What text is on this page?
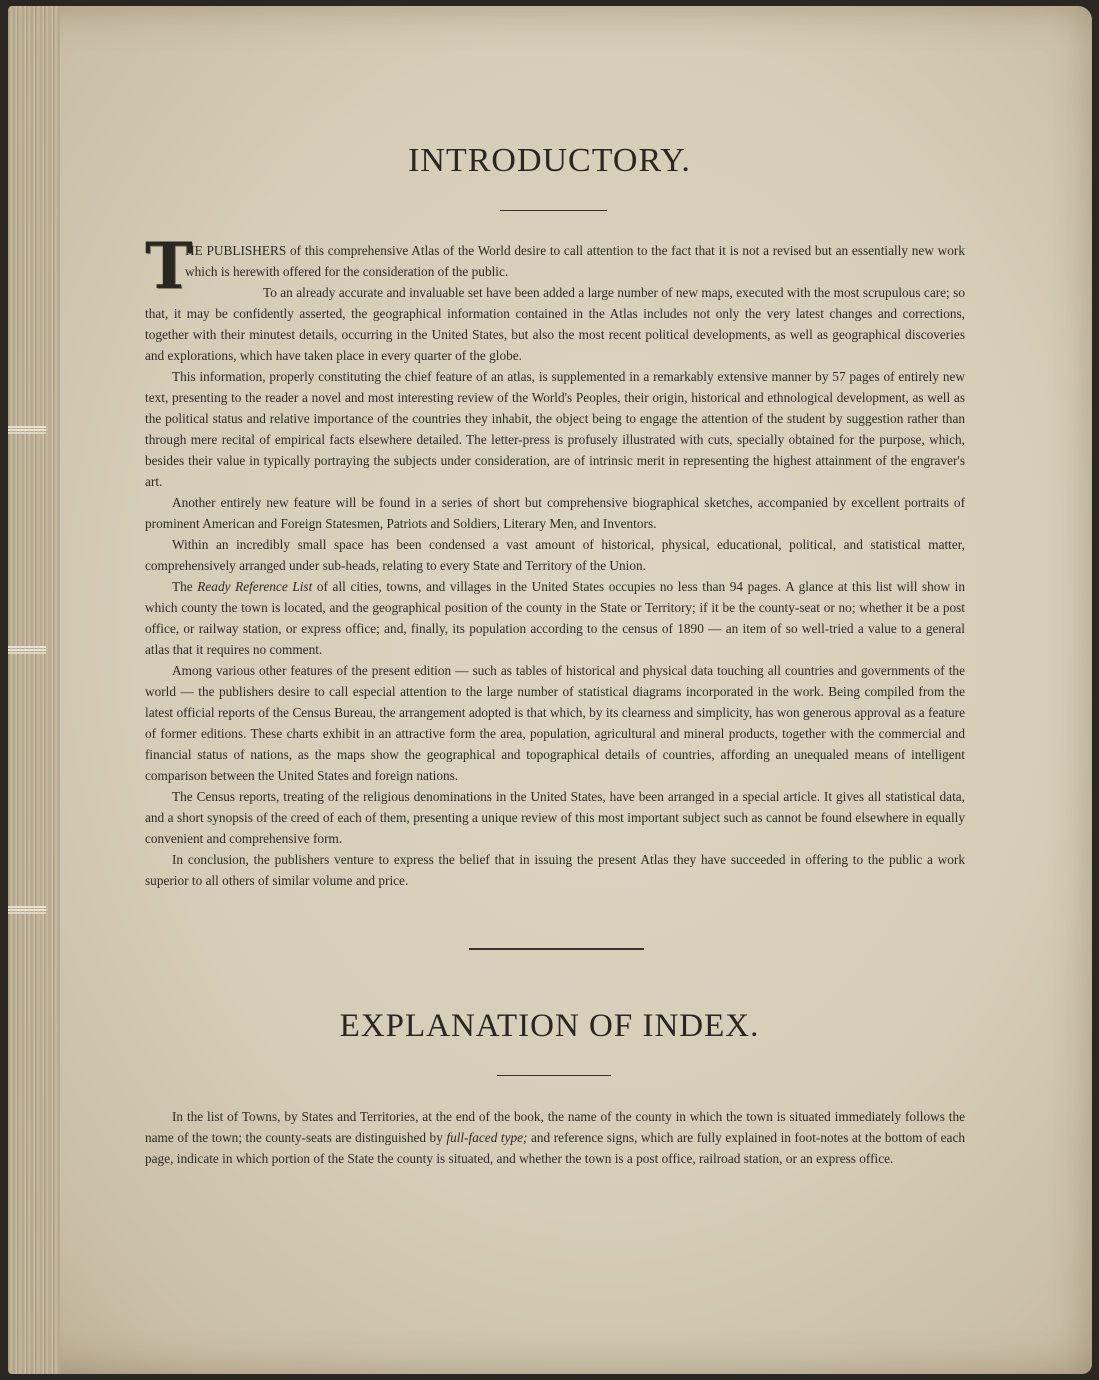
INTRODUCTORY.

T
HE PUBLISHERS of this comprehensive Atlas of the World desire to call attention to the fact that it is not a revised but an essentially new work which is herewith offered for the consideration of the public.

To an already accurate and invaluable set have been added a large number of new maps, executed with the most scrupulous care; so that, it may be confidently asserted, the geographical information contained in the Atlas includes not only the very latest changes and corrections, together with their minutest details, occurring in the United States, but also the most recent political developments, as well as geographical discoveries and explorations, which have taken place in every quarter of the globe.

This information, properly constituting the chief feature of an atlas, is supplemented in a remarkably extensive manner by 57 pages of entirely new text, presenting to the reader a novel and most interesting review of the World's Peoples, their origin, historical and ethnological development, as well as the political status and relative importance of the countries they inhabit, the object being to engage the attention of the student by suggestion rather than through mere recital of empirical facts elsewhere detailed. The letter-press is profusely illustrated with cuts, specially obtained for the purpose, which, besides their value in typically portraying the subjects under consideration, are of intrinsic merit in representing the highest attainment of the engraver's art.

Another entirely new feature will be found in a series of short but comprehensive biographical sketches, accompanied by excellent portraits of prominent American and Foreign Statesmen, Patriots and Soldiers, Literary Men, and Inventors.

Within an incredibly small space has been condensed a vast amount of historical, physical, educational, political, and statistical matter, comprehensively arranged under sub-heads, relating to every State and Territory of the Union.

The Ready Reference List of all cities, towns, and villages in the United States occupies no less than 94 pages. A glance at this list will show in which county the town is located, and the geographical position of the county in the State or Territory; if it be the county-seat or no; whether it be a post office, or railway station, or express office; and, finally, its population according to the census of 1890 — an item of so well-tried a value to a general atlas that it requires no comment.

Among various other features of the present edition — such as tables of historical and physical data touching all countries and governments of the world — the publishers desire to call especial attention to the large number of statistical diagrams incorporated in the work. Being compiled from the latest official reports of the Census Bureau, the arrangement adopted is that which, by its clearness and simplicity, has won generous approval as a feature of former editions. These charts exhibit in an attractive form the area, population, agricultural and mineral products, together with the commercial and financial status of nations, as the maps show the geographical and topographical details of countries, affording an unequaled means of intelligent comparison between the United States and foreign nations.

The Census reports, treating of the religious denominations in the United States, have been arranged in a special article. It gives all statistical data, and a short synopsis of the creed of each of them, presenting a unique review of this most important subject such as cannot be found elsewhere in equally convenient and comprehensive form.

In conclusion, the publishers venture to express the belief that in issuing the present Atlas they have succeeded in offering to the public a work superior to all others of similar volume and price.

EXPLANATION OF INDEX.

In the list of Towns, by States and Territories, at the end of the book, the name of the county in which the town is situated immediately follows the name of the town; the county-seats are distinguished by full-faced type; and reference signs, which are fully explained in foot-notes at the bottom of each page, indicate in which portion of the State the county is situated, and whether the town is a post office, railroad station, or an express office.
